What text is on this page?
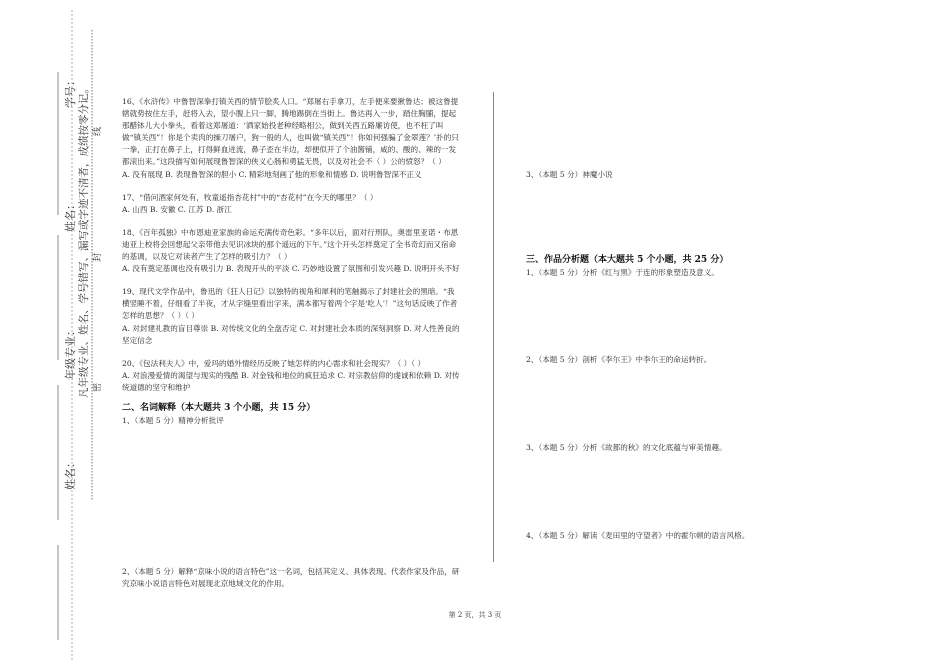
学号：
姓名：
年级专业：
姓名：
凡年级专业、姓名、学号错写、漏写或字迹不清者，成绩按零分记。 密
封
线

16、《水浒传》中鲁智深拳打镇关西的情节脍炙人口。“郑屠右手拿刀，左手便来要揪鲁达；被这鲁提辖就势按住左手，赶将入去，望小腹上只一脚，腾地踢倒在当街上。鲁达再入一步，踏住胸脯，提起那醋钵儿大小拳头，看着这郑屠道：‘洒家始投老种经略相公，做到关西五路廉访使，也不枉了叫做“镇关西”！你是个卖肉的操刀屠户，狗一般的人，也叫做“镇关西”！你如何强骗了金翠莲？’扑的只一拳，正打在鼻子上，打得鲜血迸流，鼻子歪在半边，却便似开了个油酱铺，咸的、酸的、辣的一发都滚出来。”这段描写如何展现鲁智深的侠义心肠和勇猛无畏，以及对社会不（ ）公的愤怒？（ ）

A. 没有展现 B. 表现鲁智深的胆小 C. 精彩地刻画了他的形象和情感 D. 说明鲁智深不正义

17、“借问酒家何处有，牧童遥指杏花村”中的“杏花村”在今天的哪里？（ ）

A. 山西 B. 安徽 C. 江苏 D. 浙江

18、《百年孤独》中布恩迪亚家族的命运充满传奇色彩。“多年以后，面对行刑队，奥雷里亚诺・布恩迪亚上校将会回想起父亲带他去见识冰块的那个遥远的下午。”这个开头怎样奠定了全书奇幻而又宿命的基调，以及它对读者产生了怎样的吸引力？（ ）

A. 没有奠定基调也没有吸引力 B. 表现开头的平淡 C. 巧妙地设置了氛围和引发兴趣 D. 说明开头不好

19、现代文学作品中，鲁迅的《狂人日记》以独特的视角和犀利的笔触揭示了封建社会的黑暗。“我横竖睡不着，仔细看了半夜，才从字缝里看出字来，满本都写着两个字是‘吃人’！”这句话反映了作者怎样的思想？（ ）（ ）

A. 对封建礼教的盲目尊崇 B. 对传统文化的全盘否定 C. 对封建社会本质的深刻洞察 D. 对人性善良的坚定信念

20、《包法利夫人》中，爱玛的婚外情经历反映了她怎样的内心需求和社会现实？（ ）（ ）

A. 对浪漫爱情的渴望与现实的残酷 B. 对金钱和地位的疯狂追求 C. 对宗教信仰的虔诚和依赖 D. 对传统道德的坚守和维护

二、名词解释（本大题共 3 个小题，共 15 分）

1、（本题 5 分）精神分析批评

2、（本题 5 分）解释“京味小说的语言特色”这一名词，包括其定义、具体表现、代表作家及作品，研究京味小说语言特色对展现北京地域文化的作用。

3、（本题 5 分）神魔小说

三、作品分析题（本大题共 5 个小题，共 25 分）

1、（本题 5 分）分析《红与黑》于连的形象塑造及意义。

2、（本题 5 分）剖析《李尔王》中李尔王的命运转折。

3、（本题 5 分）分析《故都的秋》的文化底蕴与审美情趣。

4、（本题 5 分）解读《麦田里的守望者》中的霍尔顿的语言风格。

第 2 页，共 3 页
